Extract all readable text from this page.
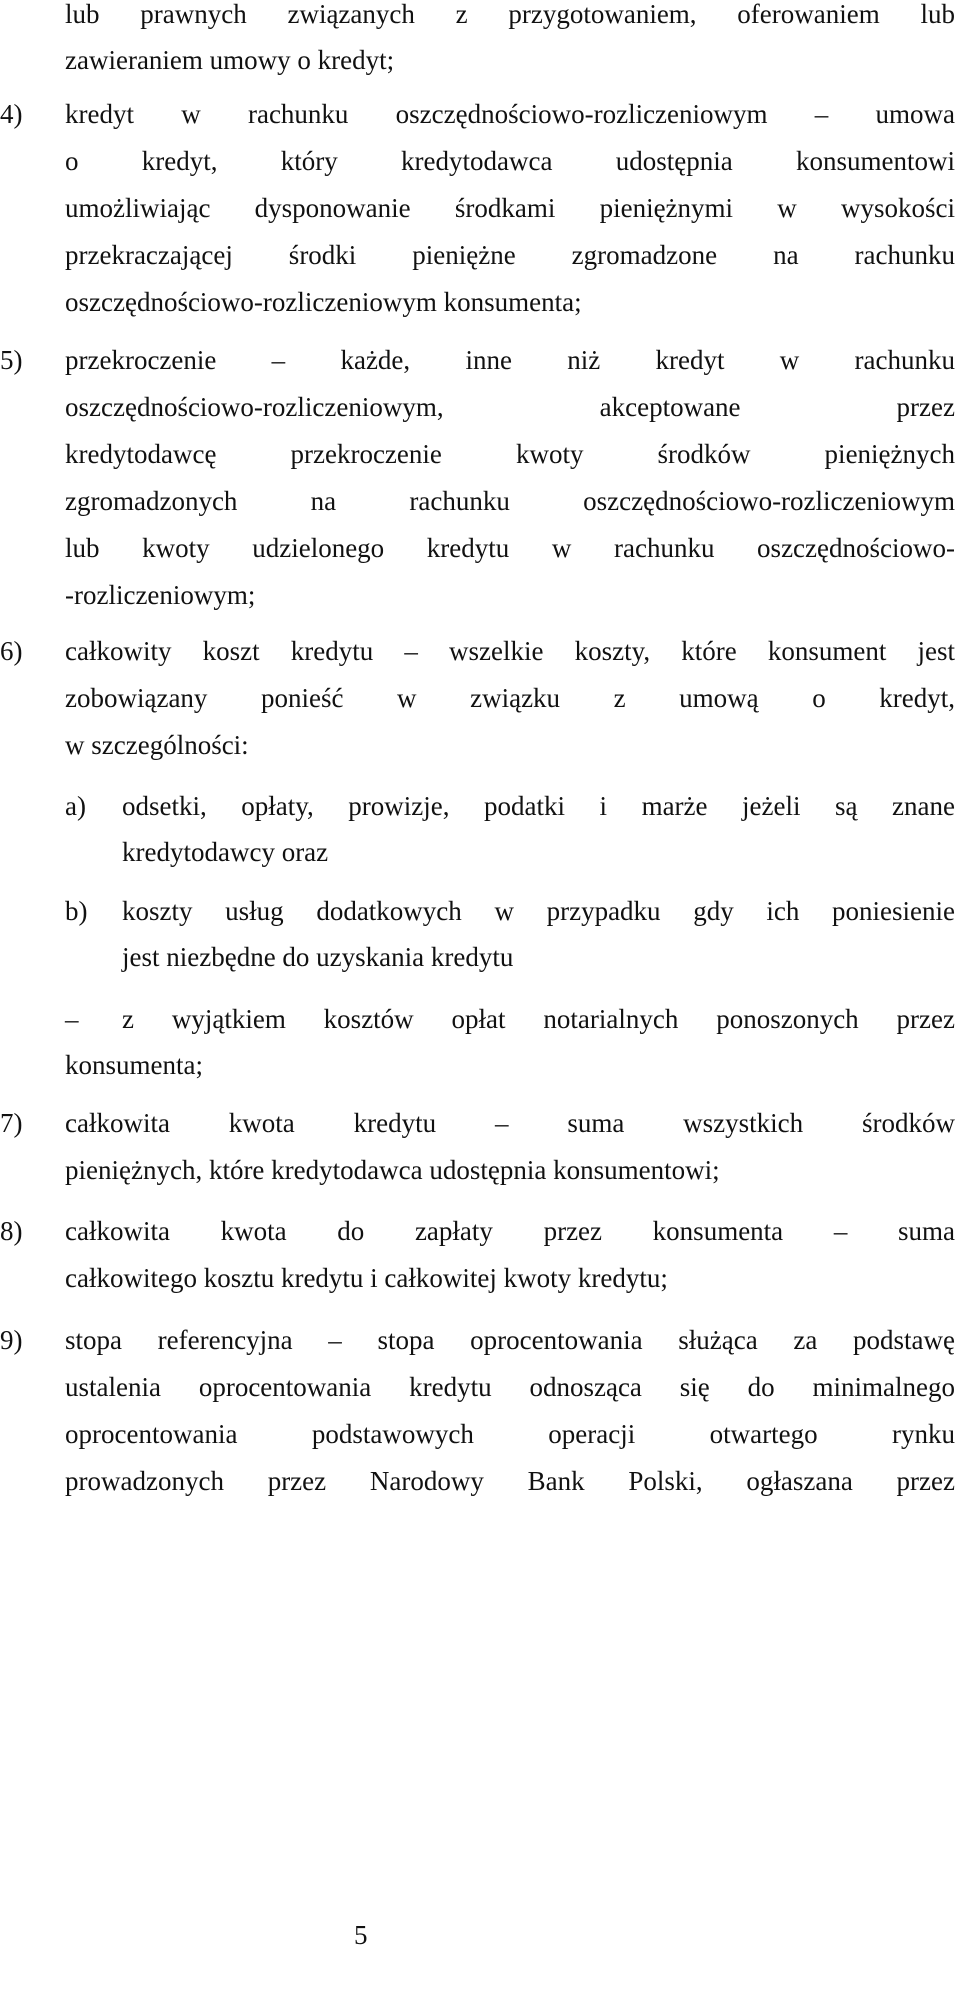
lub prawnych związanych z przygotowaniem, oferowaniem lub
zawieraniem umowy o kredyt;
4) kredyt w rachunku oszczędnościowo-rozliczeniowym – umowa
o kredyt, który kredytodawca udostępnia konsumentowi
umożliwiając dysponowanie środkami pieniężnymi w wysokości
przekraczającej środki pieniężne zgromadzone na rachunku
oszczędnościowo-rozliczeniowym konsumenta;
5) przekroczenie – każde, inne niż kredyt w rachunku
oszczędnościowo-rozliczeniowym, akceptowane przez
kredytodawcę przekroczenie kwoty środków pieniężnych
zgromadzonych na rachunku oszczędnościowo-rozliczeniowym
lub kwoty udzielonego kredytu w rachunku oszczędnościowo-
-rozliczeniowym;
6) całkowity koszt kredytu – wszelkie koszty, które konsument jest
zobowiązany ponieść w związku z umową o kredyt,
w szczególności:
a) odsetki, opłaty, prowizje, podatki i marże jeżeli są znane
kredytodawcy oraz
b) koszty usług dodatkowych w przypadku gdy ich poniesienie
jest niezbędne do uzyskania kredytu
– z wyjątkiem kosztów opłat notarialnych ponoszonych przez
konsumenta;
7) całkowita kwota kredytu – suma wszystkich środków
pieniężnych, które kredytodawca udostępnia konsumentowi;
8) całkowita kwota do zapłaty przez konsumenta – suma
całkowitego kosztu kredytu i całkowitej kwoty kredytu;
9) stopa referencyjna – stopa oprocentowania służąca za podstawę
ustalenia oprocentowania kredytu odnosząca się do minimalnego
oprocentowania podstawowych operacji otwartego rynku
prowadzonych przez Narodowy Bank Polski, ogłaszana przez
5
